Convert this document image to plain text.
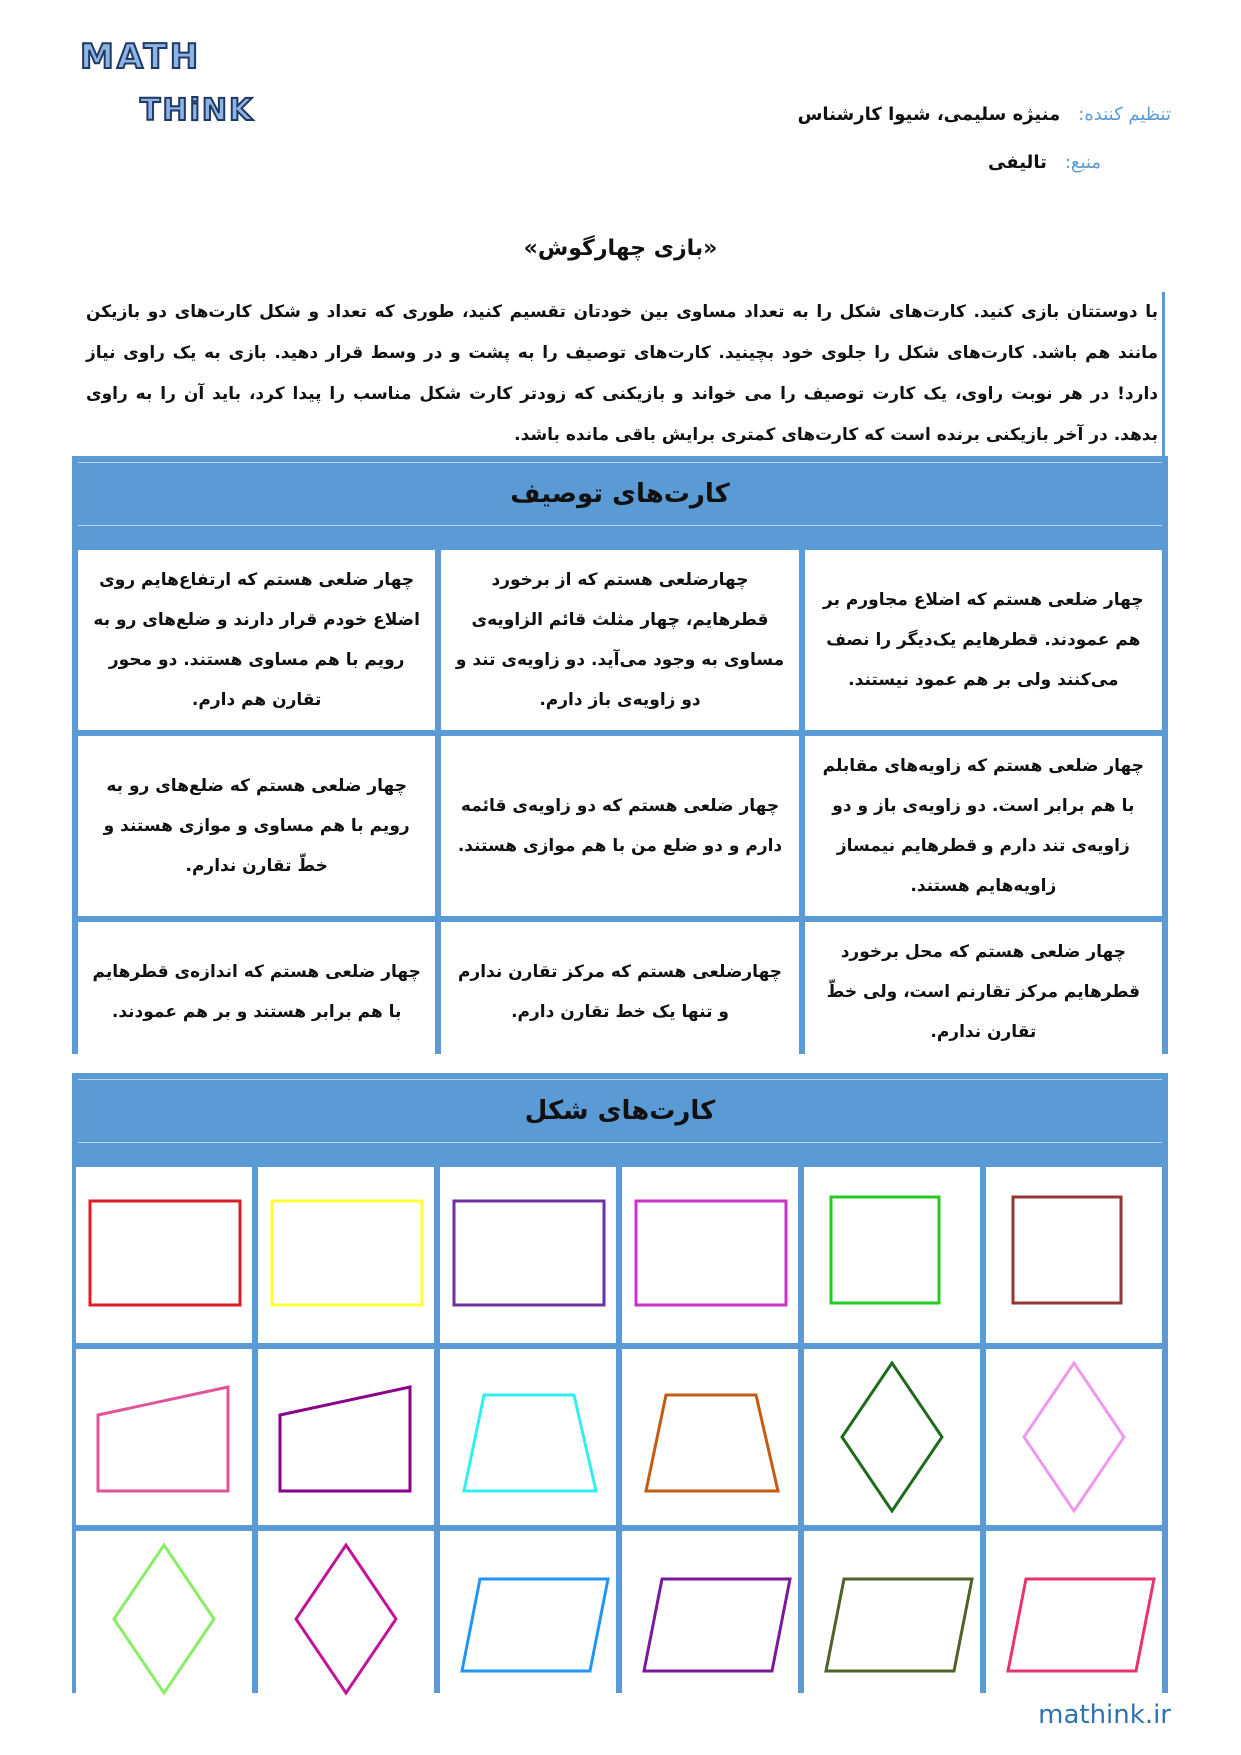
MATH
THiNK	تنظیم کننده:منیژه سلیمی، شیوا کارشناس
منبع:تالیفی
«بازی چهارگوش»
با دوستتان بازی کنید. کارت‌های شکل را به تعداد مساوی بین خودتان تقسیم کنید، طوری که تعداد و شکل کارت‌های دو بازیکن مانند هم باشد. کارت‌های شکل را جلوی خود بچینید. کارت‌های توصیف را به پشت و در وسط قرار دهید. بازی به یک راوی نیاز دارد! در هر نوبت راوی، یک کارت توصیف را می خواند و بازیکنی که زودتر کارت شکل مناسب را پیدا کرد، باید آن را به راوی بدهد. در آخر بازیکنی برنده است که کارت‌های کمتری برایش باقی مانده باشد.
کارت‌های توصیف
چهار ضلعی هستم که اضلاع مجاورم بر هم عمودند. قطرهایم یک‌دیگر را نصف می‌کنند ولی بر هم عمود نیستند.
چهارضلعی هستم که از برخورد قطرهایم، چهار مثلث قائم الزاویه‌ی مساوی به وجود می‌آید. دو زاویه‌ی تند و دو زاویه‌ی باز دارم.
چهار ضلعی هستم که ارتفاع‌هایم روی اضلاع خودم قرار دارند و ضلع‌های رو به رویم با هم مساوی هستند. دو محور تقارن هم دارم.
چهار ضلعی هستم که زاویه‌های مقابلم با هم برابر است. دو زاویه‌ی باز و دو زاویه‌ی تند دارم و قطرهایم نیمساز زاویه‌هایم هستند.
چهار ضلعی هستم که دو زاویه‌ی قائمه دارم و دو ضلع من با هم موازی هستند.
چهار ضلعی هستم که ضلع‌های رو به رویم با هم مساوی و موازی هستند و خطّ تقارن ندارم.
چهار ضلعی هستم که محل برخورد قطرهایم مرکز تقارنم است، ولی خطّ تقارن ندارم.
چهارضلعی هستم که مرکز تقارن ندارم و تنها یک خط تقارن دارم.
چهار ضلعی هستم که اندازه‌ی قطرهایم با هم برابر هستند و بر هم عمودند.
کارت‌های شکل
mathink.ir
